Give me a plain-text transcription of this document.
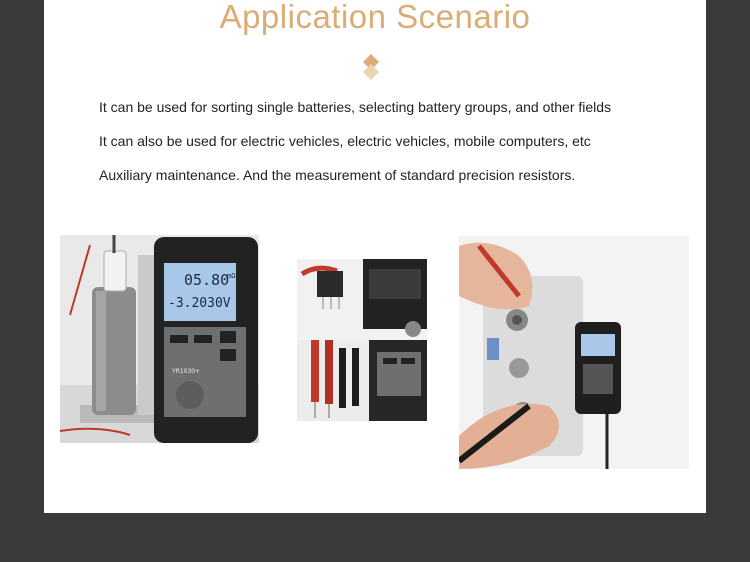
Application Scenario
It can be used for sorting single batteries, selecting battery groups, and other fields
It can also be used for electric vehicles, electric vehicles, mobile computers, etc
Auxiliary maintenance. And the measurement of standard precision resistors.
05.80
mΩ
-3.2030V
YR1030+
